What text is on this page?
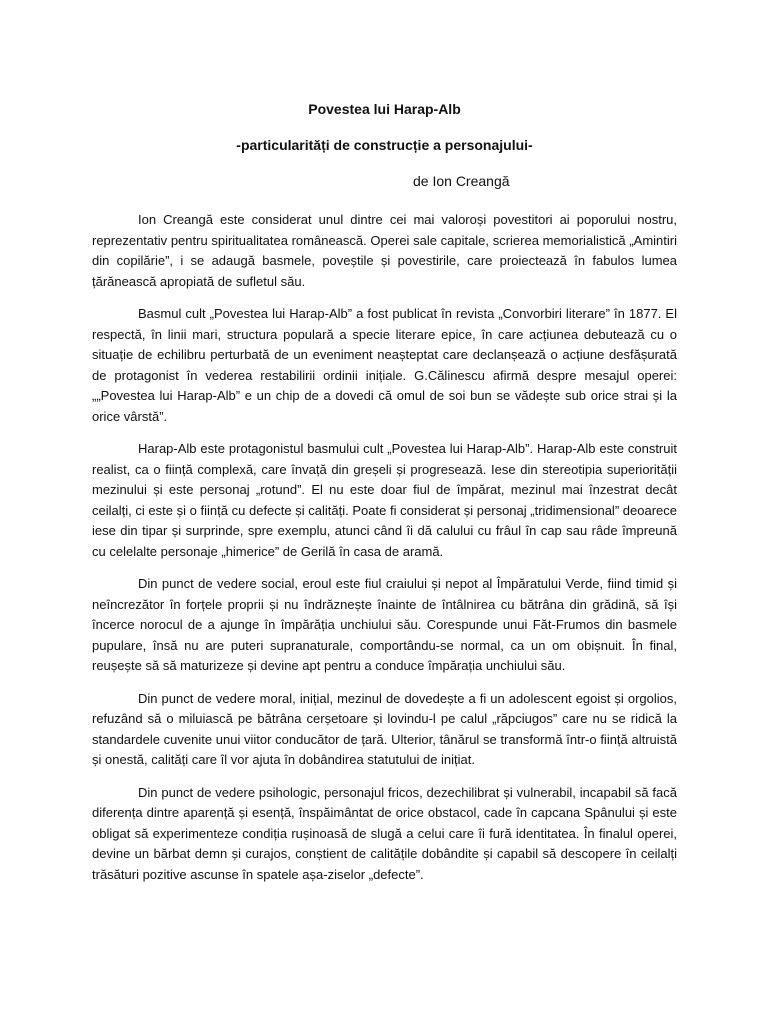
Povestea lui Harap-Alb
-particularități de construcție a personajului-
de Ion Creangă

Ion Creangă este considerat unul dintre cei mai valoroși povestitori ai poporului nostru, reprezentativ pentru spiritualitatea românească. Operei sale capitale, scrierea memorialistică „Amintiri din copilărie”, i se adaugă basmele, poveștile și povestirile, care proiectează în fabulos lumea țărănească apropiată de sufletul său.

Basmul cult „Povestea lui Harap-Alb” a fost publicat în revista „Convorbiri literare” în 1877. El respectă, în linii mari, structura populară a specie literare epice, în care acțiunea debutează cu o situație de echilibru perturbată de un eveniment neașteptat care declanșează o acțiune desfășurată de protagonist în vederea restabilirii ordinii inițiale. G.Călinescu afirmă despre mesajul operei: „„Povestea lui Harap-Alb” e un chip de a dovedi că omul de soi bun se vădește sub orice strai și la orice vârstă”.

Harap-Alb este protagonistul basmului cult „Povestea lui Harap-Alb”. Harap-Alb este construit realist, ca o ființă complexă, care învață din greșeli și progresează. Iese din stereotipia superiorității mezinului și este personaj „rotund”. El nu este doar fiul de împărat, mezinul mai înzestrat decât ceilalți, ci este și o ființă cu defecte și calități. Poate fi considerat și personaj „tridimensional” deoarece iese din tipar și surprinde, spre exemplu, atunci când îi dă calului cu frâul în cap sau râde împreună cu celelalte personaje „himerice” de Gerilă în casa de aramă.

Din punct de vedere social, eroul este fiul craiului și nepot al Împăratului Verde, fiind timid și neîncrezător în forțele proprii și nu îndrăznește înainte de întâlnirea cu bătrâna din grădină, să își încerce norocul de a ajunge în împărăția unchiului său. Corespunde unui Făt-Frumos din basmele pupulare, însă nu are puteri supranaturale, comportându-se normal, ca un om obișnuit. În final, reușește să să maturizeze și devine apt pentru a conduce împărația unchiului său.

Din punct de vedere moral, inițial, mezinul de dovedește a fi un adolescent egoist și orgolios, refuzând să o miluiască pe bătrâna cerșetoare și lovindu-l pe calul „răpciugos” care nu se ridică la standardele cuvenite unui viitor conducător de țară. Ulterior, tânărul se transformă într-o ființă altruistă și onestă, calități care îl vor ajuta în dobândirea statutului de inițiat.

Din punct de vedere psihologic, personajul fricos, dezechilibrat și vulnerabil, incapabil să facă diferența dintre aparență și esență, înspăimântat de orice obstacol, cade în capcana Spânului și este obligat să experimenteze condiția rușinoasă de slugă a celui care îi fură identitatea. În finalul operei, devine un bărbat demn și curajos, conștient de calitățile dobândite și capabil să descopere în ceilalți trăsături pozitive ascunse în spatele așa-ziselor „defecte”.
